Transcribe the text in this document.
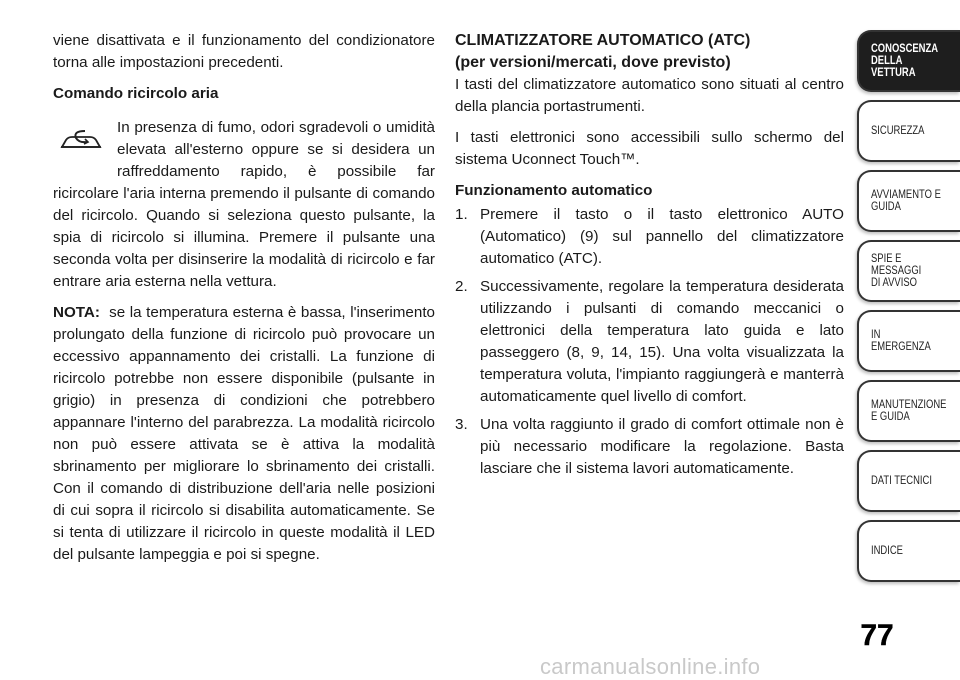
viene disattivata e il funzionamento del condizionatore torna alle impostazioni precedenti.

Comando ricircolo aria

In presenza di fumo, odori sgradevoli o umidità elevata all'esterno oppure se si desidera un raffreddamento rapido, è possibile far ricircolare l'aria interna premendo il pulsante di comando del ricircolo. Quando si seleziona questo pulsante, la spia di ricircolo si illumina. Premere il pulsante una seconda volta per disinserire la modalità di ricircolo e far entrare aria esterna nella vettura.

NOTA: se la temperatura esterna è bassa, l'inserimento prolungato della funzione di ricircolo può provocare un eccessivo appannamento dei cristalli. La funzione di ricircolo potrebbe non essere disponibile (pulsante in grigio) in presenza di condizioni che potrebbero appannare l'interno del parabrezza. La modalità ricircolo non può essere attivata se è attiva la modalità sbrinamento per migliorare lo sbrinamento dei cristalli. Con il comando di distribuzione dell'aria nelle posizioni di cui sopra il ricircolo si disabilita automaticamente. Se si tenta di utilizzare il ricircolo in queste modalità il LED del pulsante lampeggia e poi si spegne.

CLIMATIZZATORE AUTOMATICO (ATC)

(per versioni/mercati, dove previsto)

I tasti del climatizzatore automatico sono situati al centro della plancia portastrumenti.

I tasti elettronici sono accessibili sullo schermo del sistema Uconnect Touch™.

Funzionamento automatico

1. Premere il tasto o il tasto elettronico AUTO (Automatico) (9) sul pannello del climatizzatore automatico (ATC).
2. Successivamente, regolare la temperatura desiderata utilizzando i pulsanti di comando meccanici o elettronici della temperatura lato guida e lato passeggero (8, 9, 14, 15). Una volta visualizzata la temperatura voluta, l'impianto raggiungerà e manterrà automaticamente quel livello di comfort.
3. Una volta raggiunto il grado di comfort ottimale non è più necessario modificare la regolazione. Basta lasciare che il sistema lavori automaticamente.
CONOSCENZA
DELLA VETTURA
SICUREZZA
AVVIAMENTO E
GUIDA
SPIE E
MESSAGGI
DI AVVISO
IN
EMERGENZA
MANUTENZIONE
E GUIDA
DATI TECNICI
INDICE
77
carmanualsonline.info
